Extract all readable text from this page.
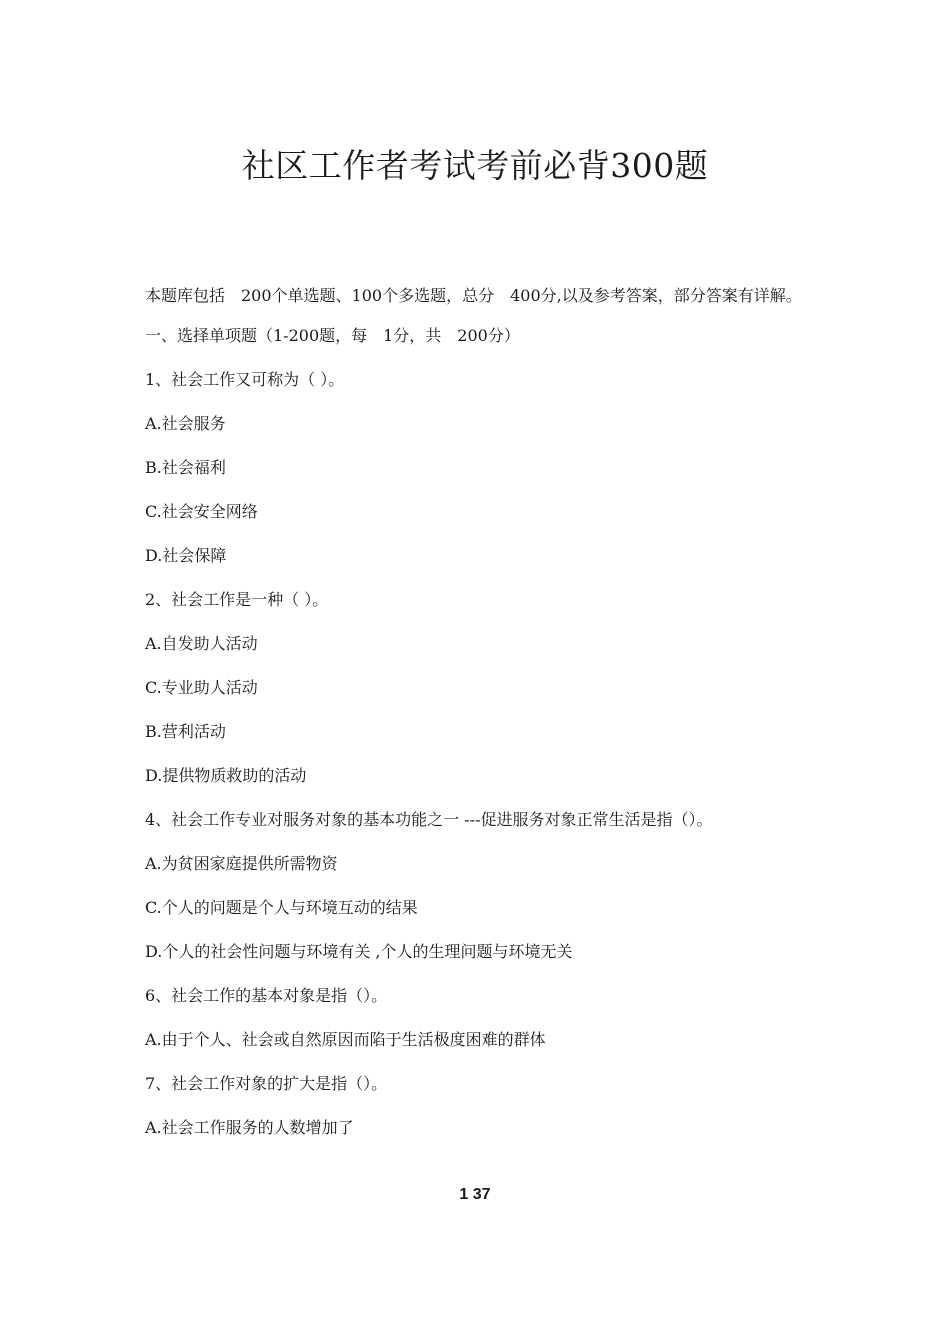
社区工作者考试考前必背300题

本题库包括　200个单选题、100个多选题，总分　400分,以及参考答案，部分答案有详解。

一、选择单项题（1-200题，每　1分，共　200分）
1、社会工作又可称为（ ）。
A.社会服务
B.社会福利
C.社会安全网络
D.社会保障
2、社会工作是一种（ ）。
A.自发助人活动
C.专业助人活动
B.营利活动
D.提供物质救助的活动
4、社会工作专业对服务对象的基本功能之一 ---促进服务对象正常生活是指（）。
A.为贫困家庭提供所需物资
C.个人的问题是个人与环境互动的结果
D.个人的社会性问题与环境有关 ,个人的生理问题与环境无关
6、社会工作的基本对象是指（）。
A.由于个人、社会或自然原因而陷于生活极度困难的群体
7、社会工作对象的扩大是指（）。
A.社会工作服务的人数增加了
1 37
